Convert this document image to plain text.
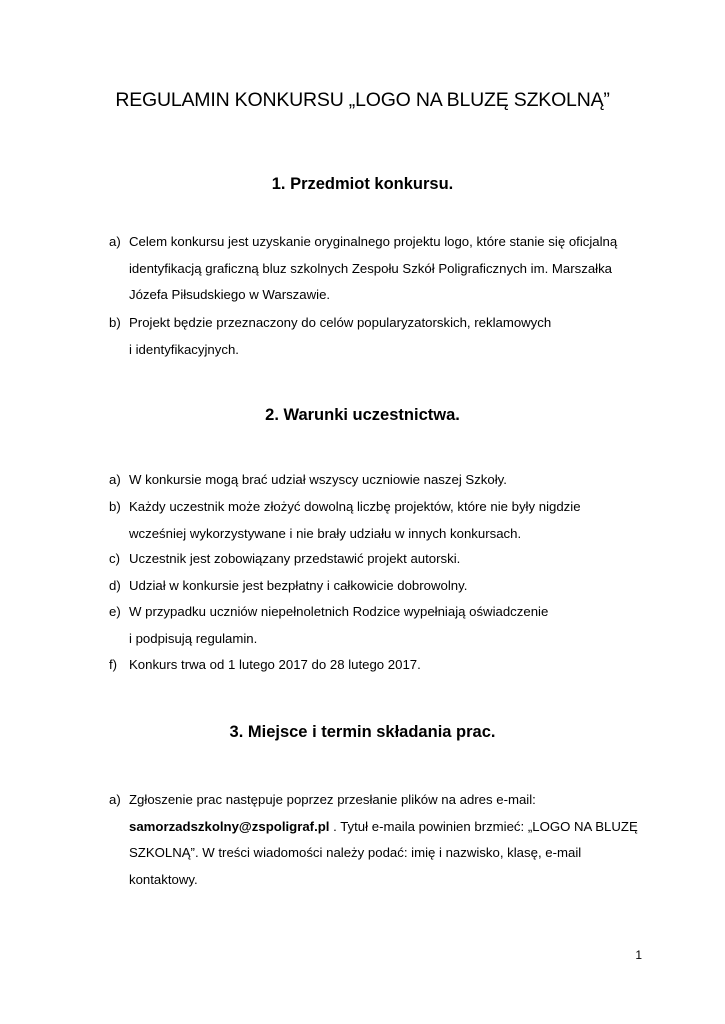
REGULAMIN KONKURSU „LOGO NA BLUZĘ SZKOLNĄ”
1. Przedmiot konkursu.
a) Celem konkursu jest uzyskanie oryginalnego projektu logo, które stanie się oficjalną
identyfikacją graficzną bluz szkolnych Zespołu Szkół Poligraficznych im. Marszałka
Józefa Piłsudskiego w Warszawie.
b) Projekt będzie przeznaczony do celów popularyzatorskich, reklamowych
i identyfikacyjnych.
2. Warunki uczestnictwa.
a) W konkursie mogą brać udział wszyscy uczniowie naszej Szkoły.
b) Każdy uczestnik może złożyć dowolną liczbę projektów, które nie były nigdzie
wcześniej wykorzystywane i nie brały udziału w innych konkursach.
c) Uczestnik jest zobowiązany przedstawić projekt autorski.
d) Udział w konkursie jest bezpłatny i całkowicie dobrowolny.
e) W przypadku uczniów niepełnoletnich Rodzice wypełniają oświadczenie
i podpisują regulamin.
f) Konkurs trwa od 1 lutego 2017 do 28 lutego 2017.
3. Miejsce i termin składania prac.
a) Zgłoszenie prac następuje poprzez przesłanie plików na adres e-mail:
samorzadszkolny@zspoligraf.pl . Tytuł e-maila powinien brzmieć: „LOGO NA BLUZĘ
SZKOLNĄ”. W treści wiadomości należy podać: imię i nazwisko, klasę, e-mail
kontaktowy.
1
